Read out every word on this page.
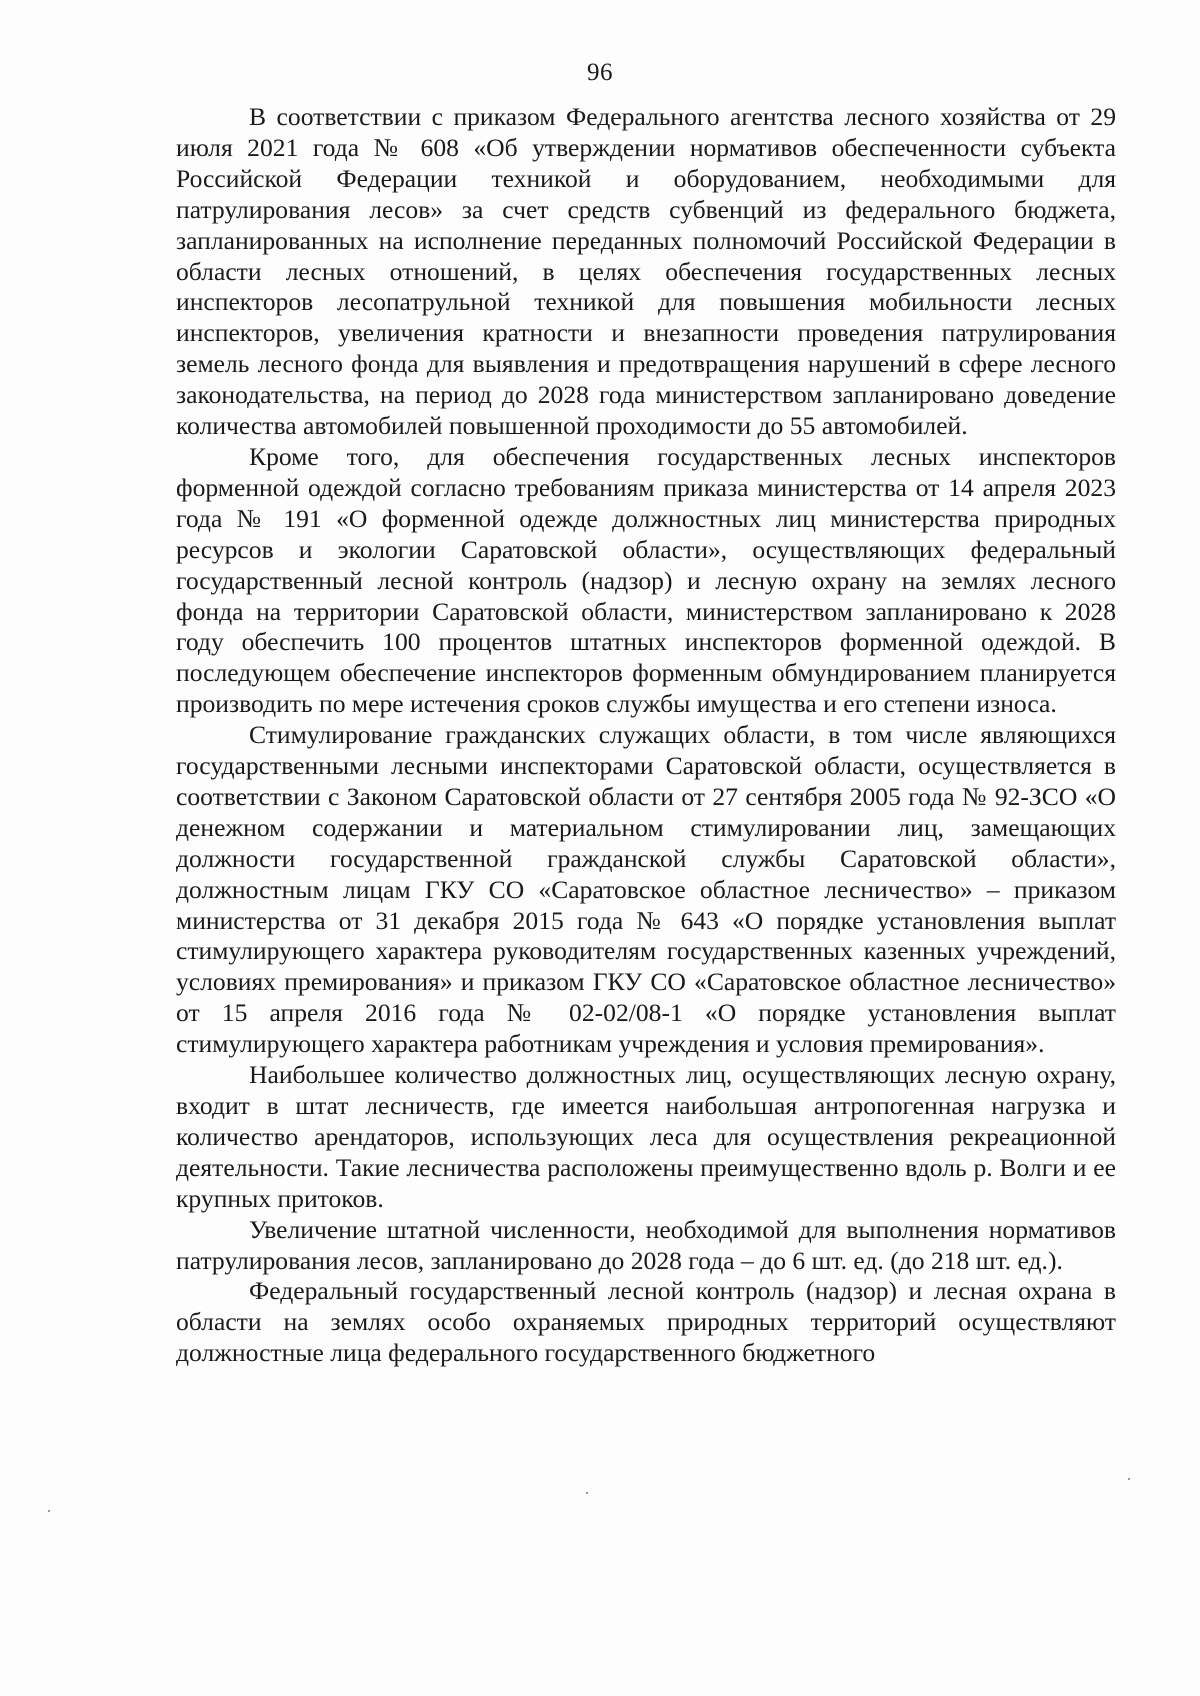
96

В соответствии с приказом Федерального агентства лесного хозяйства от 29 июля 2021 года № 608 «Об утверждении нормативов обеспеченности субъекта Российской Федерации техникой и оборудованием, необходимыми для патрулирования лесов» за счет средств субвенций из федерального бюджета, запланированных на исполнение переданных полномочий Российской Федерации в области лесных отношений, в целях обеспечения государственных лесных инспекторов лесопатрульной техникой для повышения мобильности лесных инспекторов, увеличения кратности и внезапности проведения патрулирования земель лесного фонда для выявления и предотвращения нарушений в сфере лесного законодательства, на период до 2028 года министерством запланировано доведение количества автомобилей повышенной проходимости до 55 автомобилей.

Кроме того, для обеспечения государственных лесных инспекторов форменной одеждой согласно требованиям приказа министерства от 14 апреля 2023 года № 191 «О форменной одежде должностных лиц министерства природных ресурсов и экологии Саратовской области», осуществляющих федеральный государственный лесной контроль (надзор) и лесную охрану на землях лесного фонда на территории Саратовской области, министерством запланировано к 2028 году обеспечить 100 процентов штатных инспекторов форменной одеждой. В последующем обеспечение инспекторов форменным обмундированием планируется производить по мере истечения сроков службы имущества и его степени износа.

Стимулирование гражданских служащих области, в том числе являющихся государственными лесными инспекторами Саратовской области, осуществляется в соответствии с Законом Саратовской области от 27 сентября 2005 года № 92-ЗСО «О денежном содержании и материальном стимулировании лиц, замещающих должности государственной гражданской службы Саратовской области», должностным лицам ГКУ СО «Саратовское областное лесничество» – приказом министерства от 31 декабря 2015 года № 643 «О порядке установления выплат стимулирующего характера руководителям государственных казенных учреждений, условиях премирования» и приказом ГКУ СО «Саратовское областное лесничество» от 15 апреля 2016 года № 02-02/08-1 «О порядке установления выплат стимулирующего характера работникам учреждения и условия премирования».

Наибольшее количество должностных лиц, осуществляющих лесную охрану, входит в штат лесничеств, где имеется наибольшая антропогенная нагрузка и количество арендаторов, использующих леса для осуществления рекреационной деятельности. Такие лесничества расположены преимущественно вдоль р. Волги и ее крупных притоков.

Увеличение штатной численности, необходимой для выполнения нормативов патрулирования лесов, запланировано до 2028 года – до 6 шт. ед. (до 218 шт. ед.).

Федеральный государственный лесной контроль (надзор) и лесная охрана в области на землях особо охраняемых природных территорий осуществляют должностные лица федерального государственного бюджетного
